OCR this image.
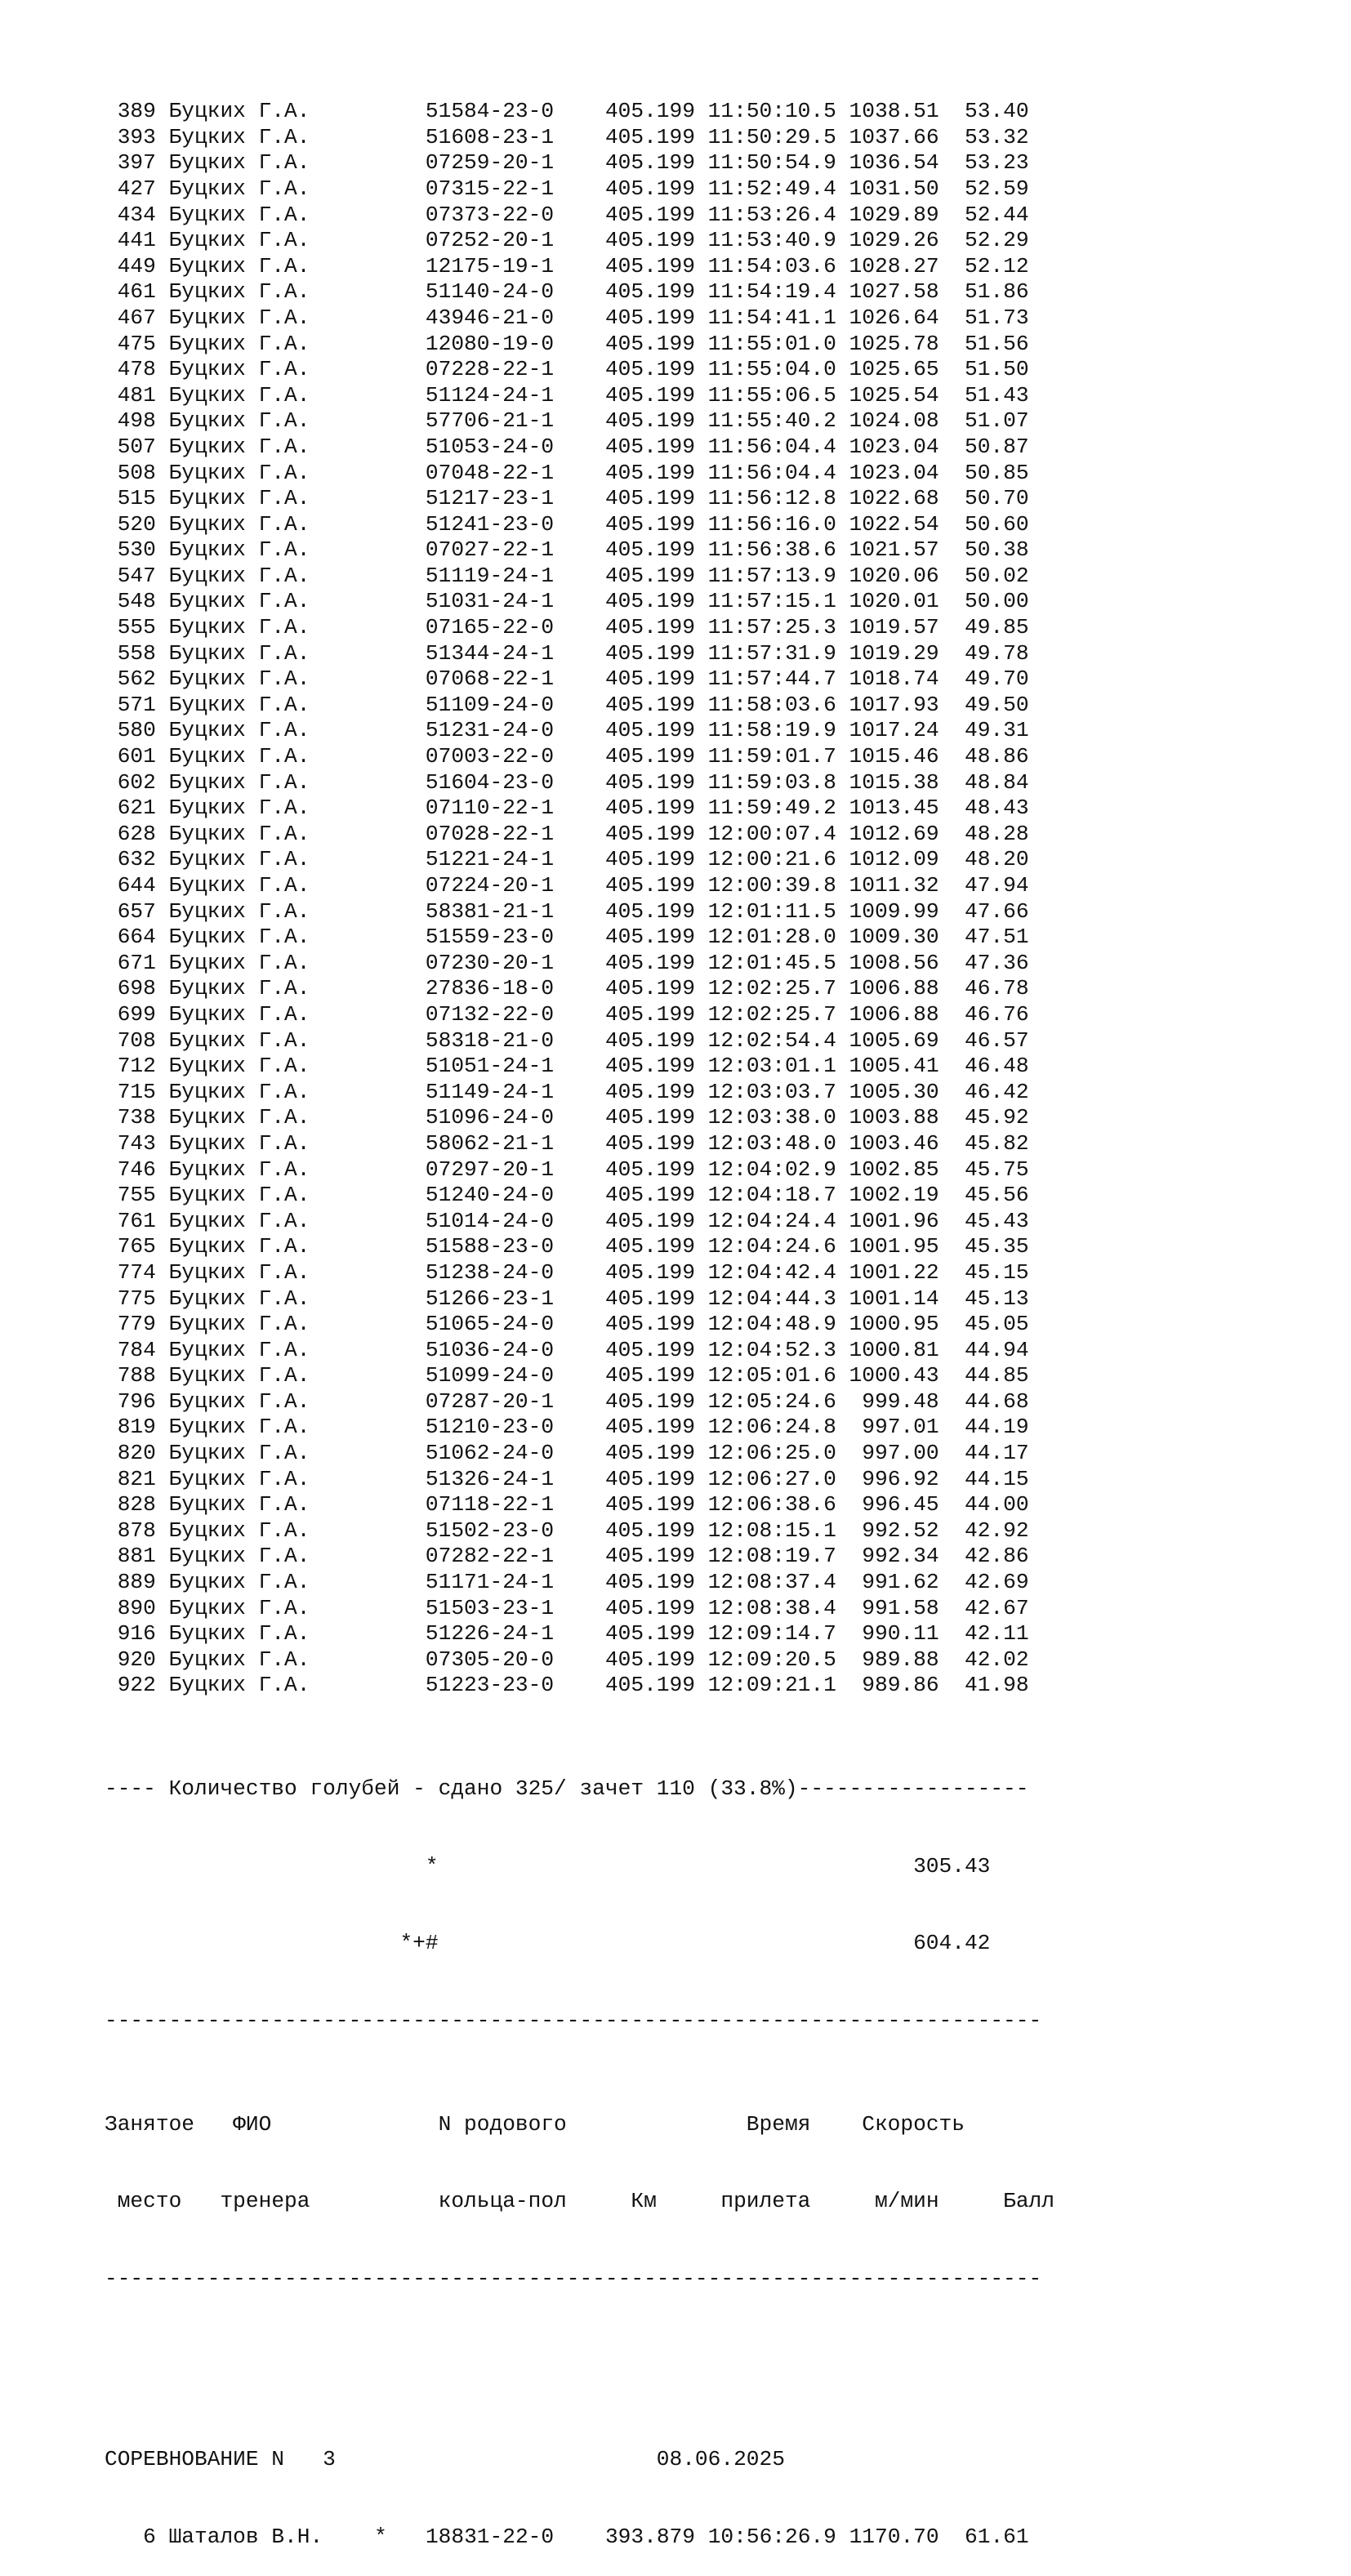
389 Буцких Г.А.	51584-23-0 405.199 11:50:10.5 1038.51 53.40
393 Буцких Г.А.	51608-23-1 405.199 11:50:29.5 1037.66 53.32
397 Буцких Г.А.	07259-20-1 405.199 11:50:54.9 1036.54 53.23
427 Буцких Г.А.	07315-22-1 405.199 11:52:49.4 1031.50 52.59
434 Буцких Г.А.	07373-22-0 405.199 11:53:26.4 1029.89 52.44
441 Буцких Г.А.	07252-20-1 405.199 11:53:40.9 1029.26 52.29
449 Буцких Г.А.	12175-19-1 405.199 11:54:03.6 1028.27 52.12
461 Буцких Г.А.	51140-24-0 405.199 11:54:19.4 1027.58 51.86
467 Буцких Г.А.	43946-21-0 405.199 11:54:41.1 1026.64 51.73
475 Буцких Г.А.	12080-19-0 405.199 11:55:01.0 1025.78 51.56
478 Буцких Г.А.	07228-22-1 405.199 11:55:04.0 1025.65 51.50
481 Буцких Г.А.	51124-24-1 405.199 11:55:06.5 1025.54 51.43
498 Буцких Г.А.	57706-21-1 405.199 11:55:40.2 1024.08 51.07
507 Буцких Г.А.	51053-24-0 405.199 11:56:04.4 1023.04 50.87
508 Буцких Г.А.	07048-22-1 405.199 11:56:04.4 1023.04 50.85
515 Буцких Г.А.	51217-23-1 405.199 11:56:12.8 1022.68 50.70
520 Буцких Г.А.	51241-23-0 405.199 11:56:16.0 1022.54 50.60
530 Буцких Г.А.	07027-22-1 405.199 11:56:38.6 1021.57 50.38
547 Буцких Г.А.	51119-24-1 405.199 11:57:13.9 1020.06 50.02
548 Буцких Г.А.	51031-24-1 405.199 11:57:15.1 1020.01 50.00
555 Буцких Г.А.	07165-22-0 405.199 11:57:25.3 1019.57 49.85
558 Буцких Г.А.	51344-24-1 405.199 11:57:31.9 1019.29 49.78
562 Буцких Г.А.	07068-22-1 405.199 11:57:44.7 1018.74 49.70
571 Буцких Г.А.	51109-24-0 405.199 11:58:03.6 1017.93 49.50
580 Буцких Г.А.	51231-24-0 405.199 11:58:19.9 1017.24 49.31
601 Буцких Г.А.	07003-22-0 405.199 11:59:01.7 1015.46 48.86
602 Буцких Г.А.	51604-23-0 405.199 11:59:03.8 1015.38 48.84
621 Буцких Г.А.	07110-22-1 405.199 11:59:49.2 1013.45 48.43
628 Буцких Г.А.	07028-22-1 405.199 12:00:07.4 1012.69 48.28
632 Буцких Г.А.	51221-24-1 405.199 12:00:21.6 1012.09 48.20
644 Буцких Г.А.	07224-20-1 405.199 12:00:39.8 1011.32 47.94
657 Буцких Г.А.	58381-21-1 405.199 12:01:11.5 1009.99 47.66
664 Буцких Г.А.	51559-23-0 405.199 12:01:28.0 1009.30 47.51
671 Буцких Г.А.	07230-20-1 405.199 12:01:45.5 1008.56 47.36
698 Буцких Г.А.	27836-18-0 405.199 12:02:25.7 1006.88 46.78
699 Буцких Г.А.	07132-22-0 405.199 12:02:25.7 1006.88 46.76
708 Буцких Г.А.	58318-21-0 405.199 12:02:54.4 1005.69 46.57
712 Буцких Г.А.	51051-24-1 405.199 12:03:01.1 1005.41 46.48
715 Буцких Г.А.	51149-24-1 405.199 12:03:03.7 1005.30 46.42
738 Буцких Г.А.	51096-24-0 405.199 12:03:38.0 1003.88 45.92
743 Буцких Г.А.	58062-21-1 405.199 12:03:48.0 1003.46 45.82
746 Буцких Г.А.	07297-20-1 405.199 12:04:02.9 1002.85 45.75
755 Буцких Г.А.	51240-24-0 405.199 12:04:18.7 1002.19 45.56
761 Буцких Г.А.	51014-24-0 405.199 12:04:24.4 1001.96 45.43
765 Буцких Г.А.	51588-23-0 405.199 12:04:24.6 1001.95 45.35
774 Буцких Г.А.	51238-24-0 405.199 12:04:42.4 1001.22 45.15
775 Буцких Г.А.	51266-23-1 405.199 12:04:44.3 1001.14 45.13
779 Буцких Г.А.	51065-24-0 405.199 12:04:48.9 1000.95 45.05
784 Буцких Г.А.	51036-24-0 405.199 12:04:52.3 1000.81 44.94
788 Буцких Г.А.	51099-24-0 405.199 12:05:01.6 1000.43 44.85
796 Буцких Г.А.	07287-20-1 405.199 12:05:24.6  999.48 44.68
819 Буцких Г.А.	51210-23-0 405.199 12:06:24.8  997.01 44.19
820 Буцких Г.А.	51062-24-0 405.199 12:06:25.0  997.00 44.17
821 Буцких Г.А.	51326-24-1 405.199 12:06:27.0  996.92 44.15
828 Буцких Г.А.	07118-22-1 405.199 12:06:38.6  996.45 44.00
878 Буцких Г.А.	51502-23-0 405.199 12:08:15.1  992.52 42.92
881 Буцких Г.А.	07282-22-1 405.199 12:08:19.7  992.34 42.86
889 Буцких Г.А.	51171-24-1 405.199 12:08:37.4  991.62 42.69
890 Буцких Г.А.	51503-23-1 405.199 12:08:38.4  991.58 42.67
916 Буцких Г.А.	51226-24-1 405.199 12:09:14.7  990.11 42.11
920 Буцких Г.А.	07305-20-0 405.199 12:09:20.5  989.88 42.02
922 Буцких Г.А.	51223-23-0 405.199 12:09:21.1  989.86 41.98

---- Количество голубей - сдано 325/ зачет 110 (33.8%)------------------

*	305.43

*+#	604.42

-------------------------------------------------------------------------

Занятое ФИО	N родового	Время Скорость

место тренера	кольца-пол	Км	прилета	м/мин	Балл

-------------------------------------------------------------------------

СОРЕВНОВАНИЕ N 3	08.06.2025

6 Шаталов В.Н. * 18831-22-0 393.879 10:56:26.9 1170.70 61.61
